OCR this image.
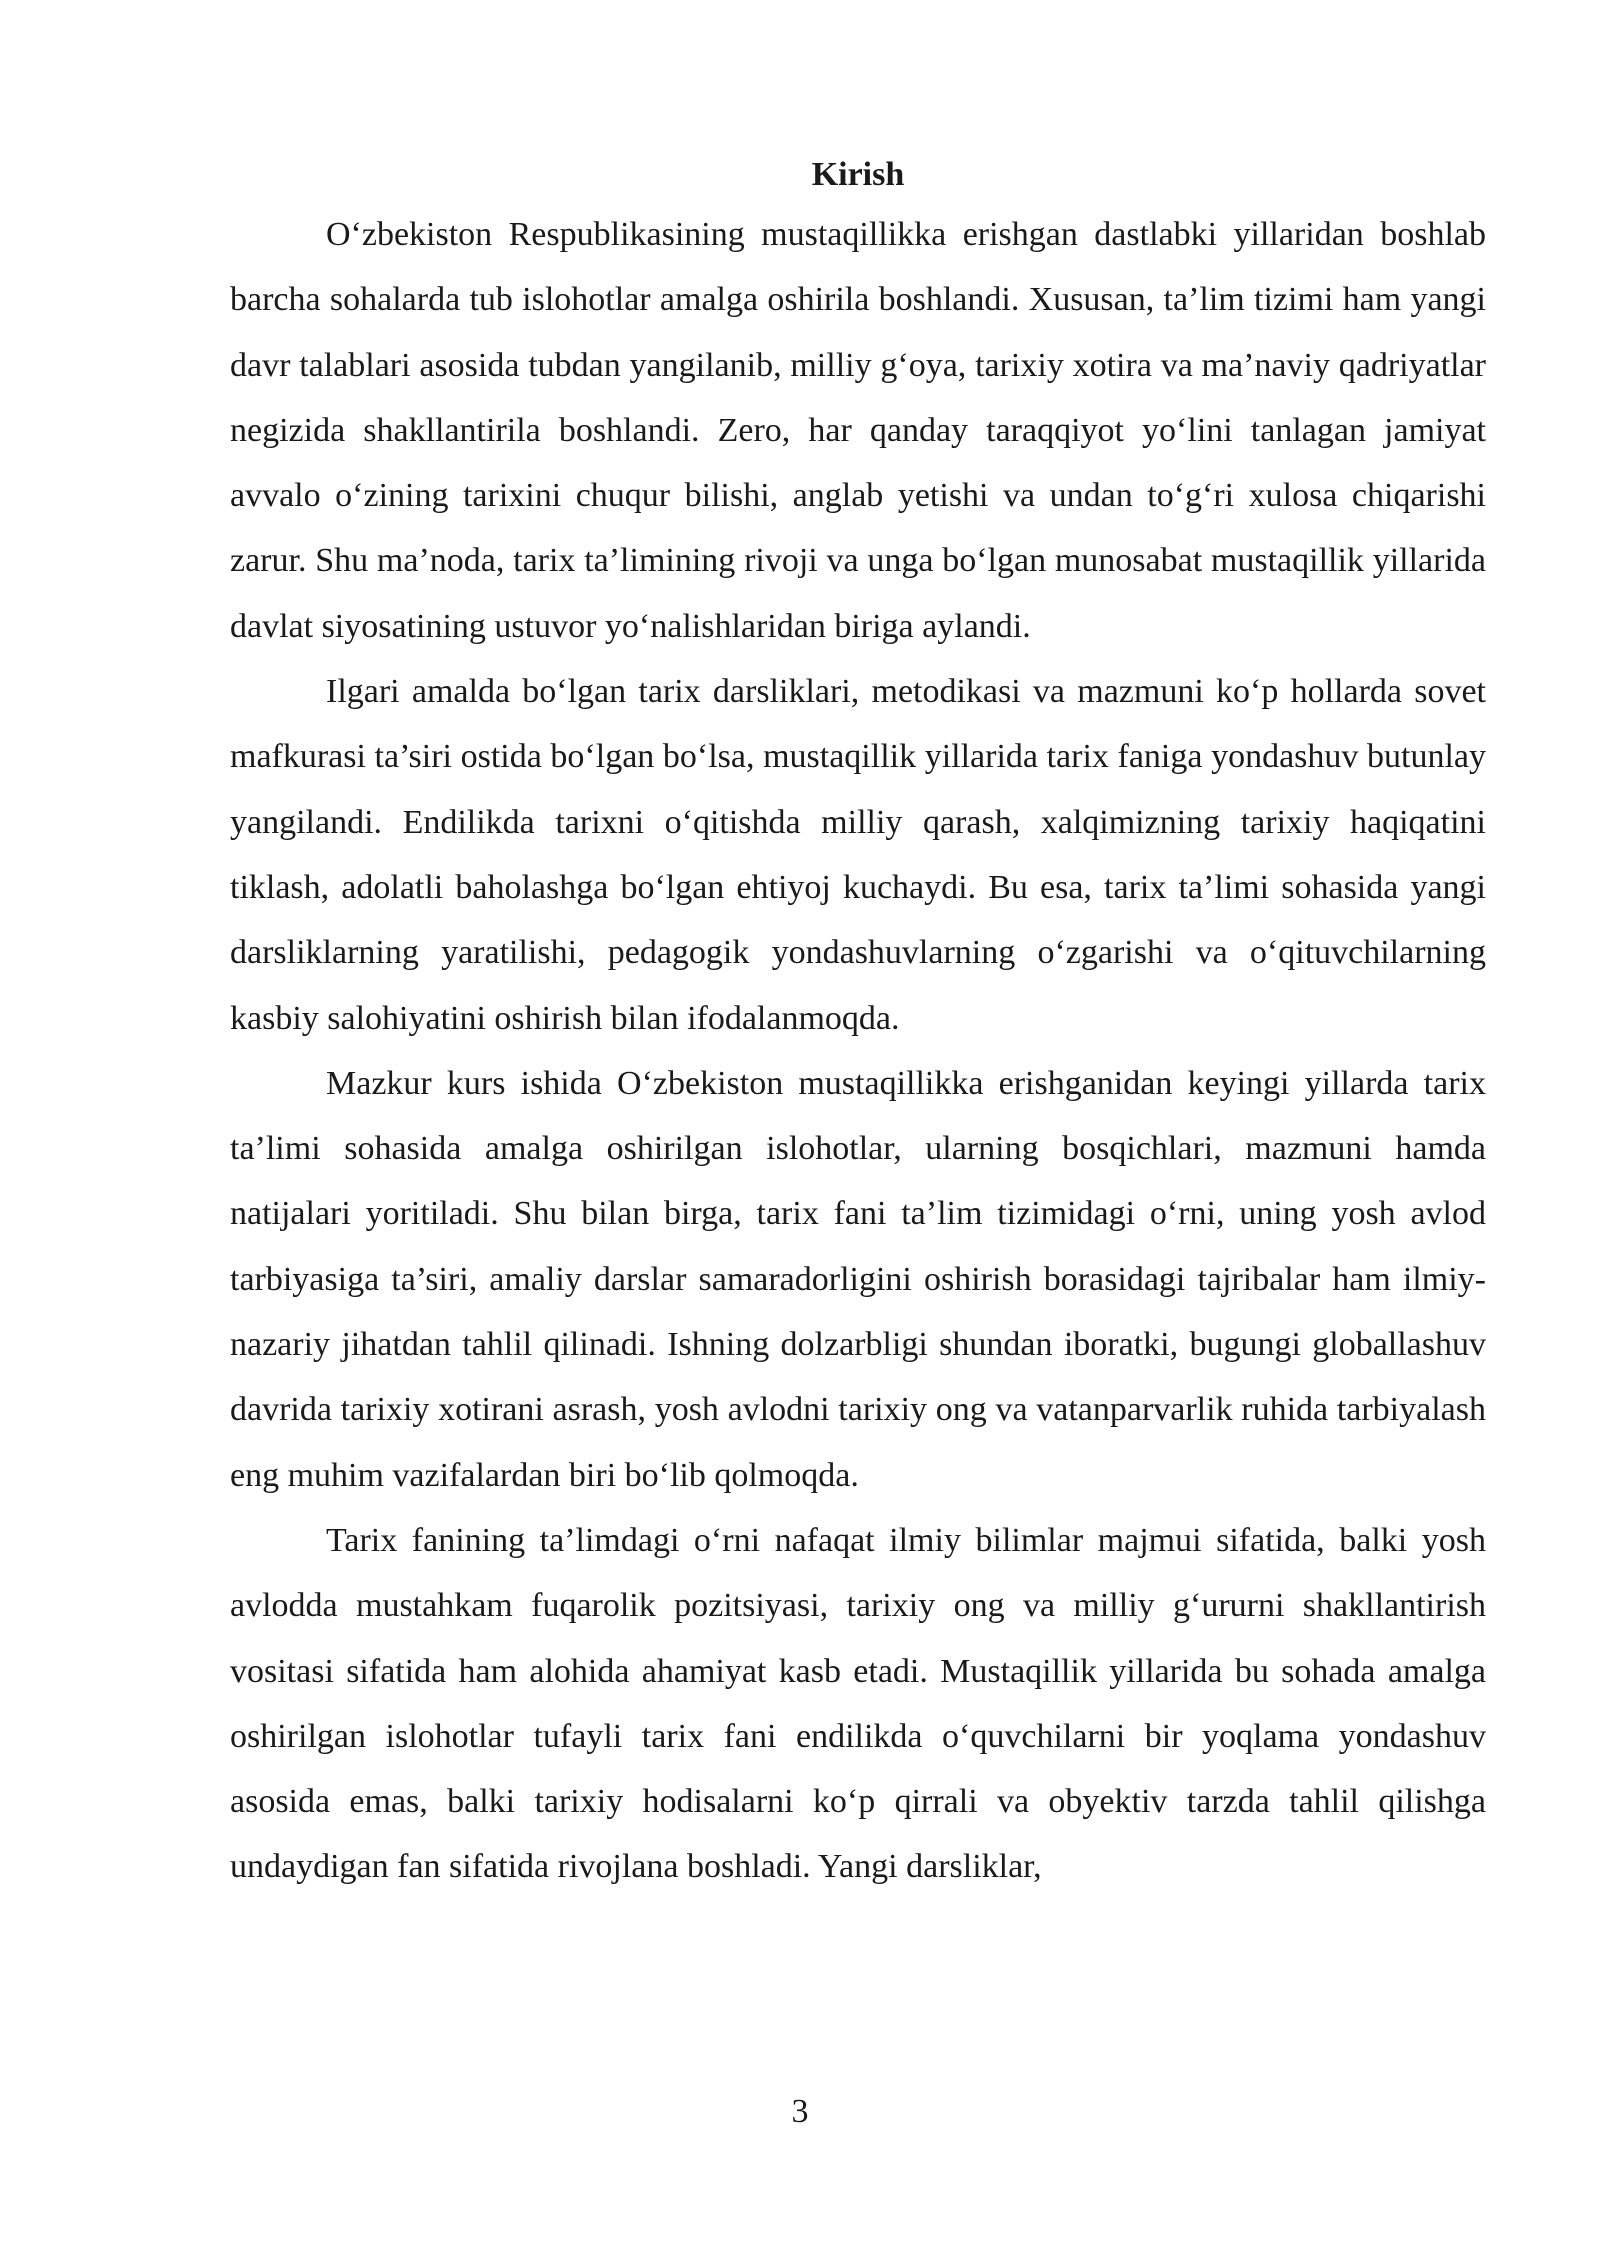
Kirish

O‘zbekiston Respublikasining mustaqillikka erishgan dastlabki yillaridan boshlab barcha sohalarda tub islohotlar amalga oshirila boshlandi. Xususan, ta’lim tizimi ham yangi davr talablari asosida tubdan yangilanib, milliy g‘oya, tarixiy xotira va ma’naviy qadriyatlar negizida shakllantirila boshlandi. Zero, har qanday taraqqiyot yo‘lini tanlagan jamiyat avvalo o‘zining tarixini chuqur bilishi, anglab yetishi va undan to‘g‘ri xulosa chiqarishi zarur. Shu ma’noda, tarix ta’limining rivoji va unga bo‘lgan munosabat mustaqillik yillarida davlat siyosatining ustuvor yo‘nalishlaridan biriga aylandi.

Ilgari amalda bo‘lgan tarix darsliklari, metodikasi va mazmuni ko‘p hollarda sovet mafkurasi ta’siri ostida bo‘lgan bo‘lsa, mustaqillik yillarida tarix faniga yondashuv butunlay yangilandi. Endilikda tarixni o‘qitishda milliy qarash, xalqimizning tarixiy haqiqatini tiklash, adolatli baholashga bo‘lgan ehtiyoj kuchaydi. Bu esa, tarix ta’limi sohasida yangi darsliklarning yaratilishi, pedagogik yondashuvlarning o‘zgarishi va o‘qituvchilarning kasbiy salohiyatini oshirish bilan ifodalanmoqda.

Mazkur kurs ishida O‘zbekiston mustaqillikka erishganidan keyingi yillarda tarix ta’limi sohasida amalga oshirilgan islohotlar, ularning bosqichlari, mazmuni hamda natijalari yoritiladi. Shu bilan birga, tarix fani ta’lim tizimidagi o‘rni, uning yosh avlod tarbiyasiga ta’siri, amaliy darslar samaradorligini oshirish borasidagi tajribalar ham ilmiy-nazariy jihatdan tahlil qilinadi. Ishning dolzarbligi shundan iboratki, bugungi globallashuv davrida tarixiy xotirani asrash, yosh avlodni tarixiy ong va vatanparvarlik ruhida tarbiyalash eng muhim vazifalardan biri bo‘lib qolmoqda.

Tarix fanining ta’limdagi o‘rni nafaqat ilmiy bilimlar majmui sifatida, balki yosh avlodda mustahkam fuqarolik pozitsiyasi, tarixiy ong va milliy g‘ururni shakllantirish vositasi sifatida ham alohida ahamiyat kasb etadi. Mustaqillik yillarida bu sohada amalga oshirilgan islohotlar tufayli tarix fani endilikda o‘quvchilarni bir yoqlama yondashuv asosida emas, balki tarixiy hodisalarni ko‘p qirrali va obyektiv tarzda tahlil qilishga undaydigan fan sifatida rivojlana boshladi. Yangi darsliklar,

3
